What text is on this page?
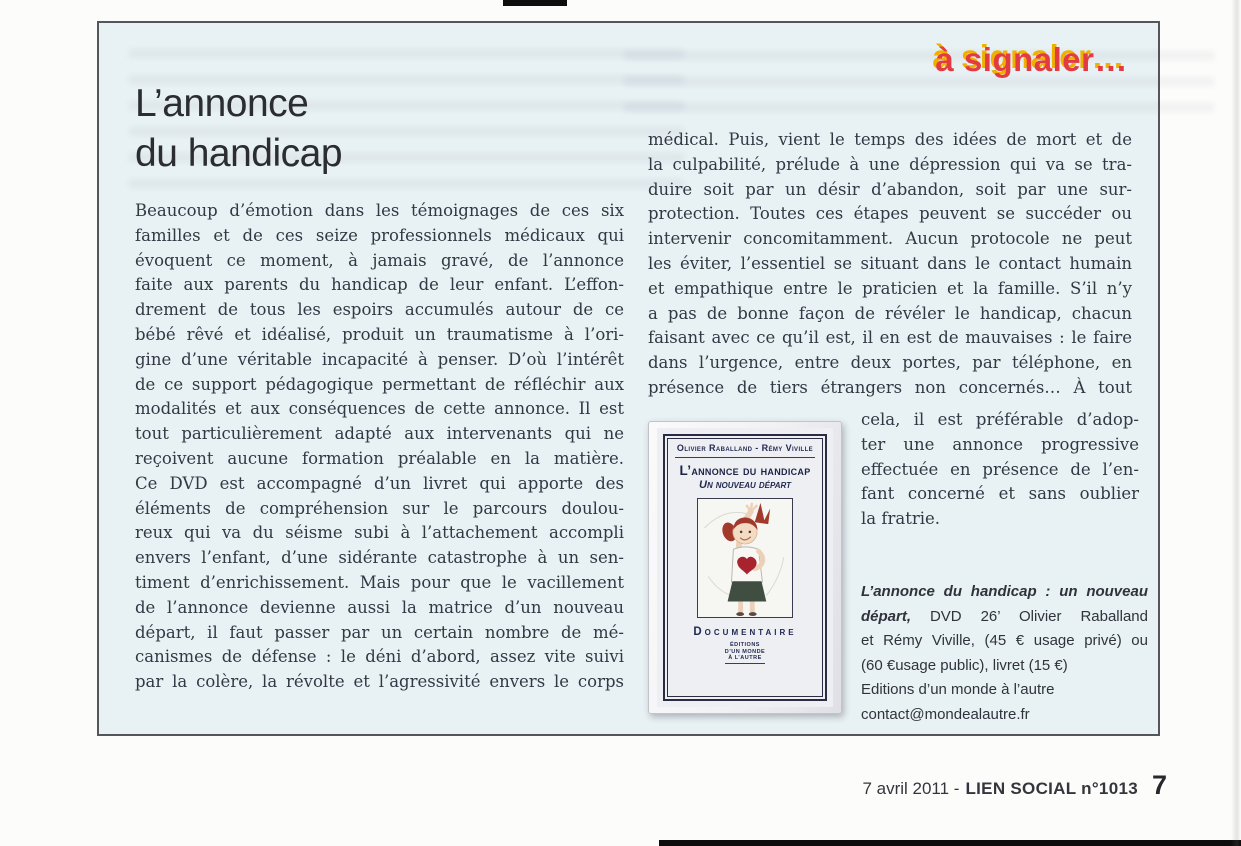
à signaler…
L’annonce
du handicap
Beaucoup d’émotion dans les témoignages de ces six
familles et de ces seize professionnels médicaux qui
évoquent ce moment, à jamais gravé, de l’annonce
faite aux parents du handicap de leur enfant. L’effon-
drement de tous les espoirs accumulés autour de ce
bébé rêvé et idéalisé, produit un traumatisme à l’ori-
gine d’une véritable incapacité à penser. D’où l’intérêt
de ce support pédagogique permettant de réfléchir aux
modalités et aux conséquences de cette annonce. Il est
tout particulièrement adapté aux intervenants qui ne
reçoivent aucune formation préalable en la matière.
Ce DVD est accompagné d’un livret qui apporte des
éléments de compréhension sur le parcours doulou-
reux qui va du séisme subi à l’attachement accompli
envers l’enfant, d’une sidérante catastrophe à un sen-
timent d’enrichissement. Mais pour que le vacillement
de l’annonce devienne aussi la matrice d’un nouveau
départ, il faut passer par un certain nombre de mé-
canismes de défense : le déni d’abord, assez vite suivi
par la colère, la révolte et l’agressivité envers le corps
médical. Puis, vient le temps des idées de mort et de
la culpabilité, prélude à une dépression qui va se tra-
duire soit par un désir d’abandon, soit par une sur-
protection. Toutes ces étapes peuvent se succéder ou
intervenir concomitamment. Aucun protocole ne peut
les éviter, l’essentiel se situant dans le contact humain
et empathique entre le praticien et la famille. S’il n’y
a pas de bonne façon de révéler le handicap, chacun
faisant avec ce qu’il est, il en est de mauvaises : le faire
dans l’urgence, entre deux portes, par téléphone, en
présence de tiers étrangers non concernés… À tout
cela, il est préférable d’adop-
ter une annonce progressive
effectuée en présence de l’en-
fant concerné et sans oublier
la fratrie.
Olivier Raballand - Rémy Viville
L’annonce du handicap
Un nouveau départ
Documentaire
ÉDITIONS
D’UN MONDE
À L’AUTRE
L’annonce du handicap : un nouveau
départ, DVD 26’ Olivier Raballand
et Rémy Viville, (45 € usage privé) ou
(60 €usage public), livret (15 €)
Editions d’un monde à l’autre
contact@mondealautre.fr
7 avril 2011 - LIEN SOCIAL n°1013 7
